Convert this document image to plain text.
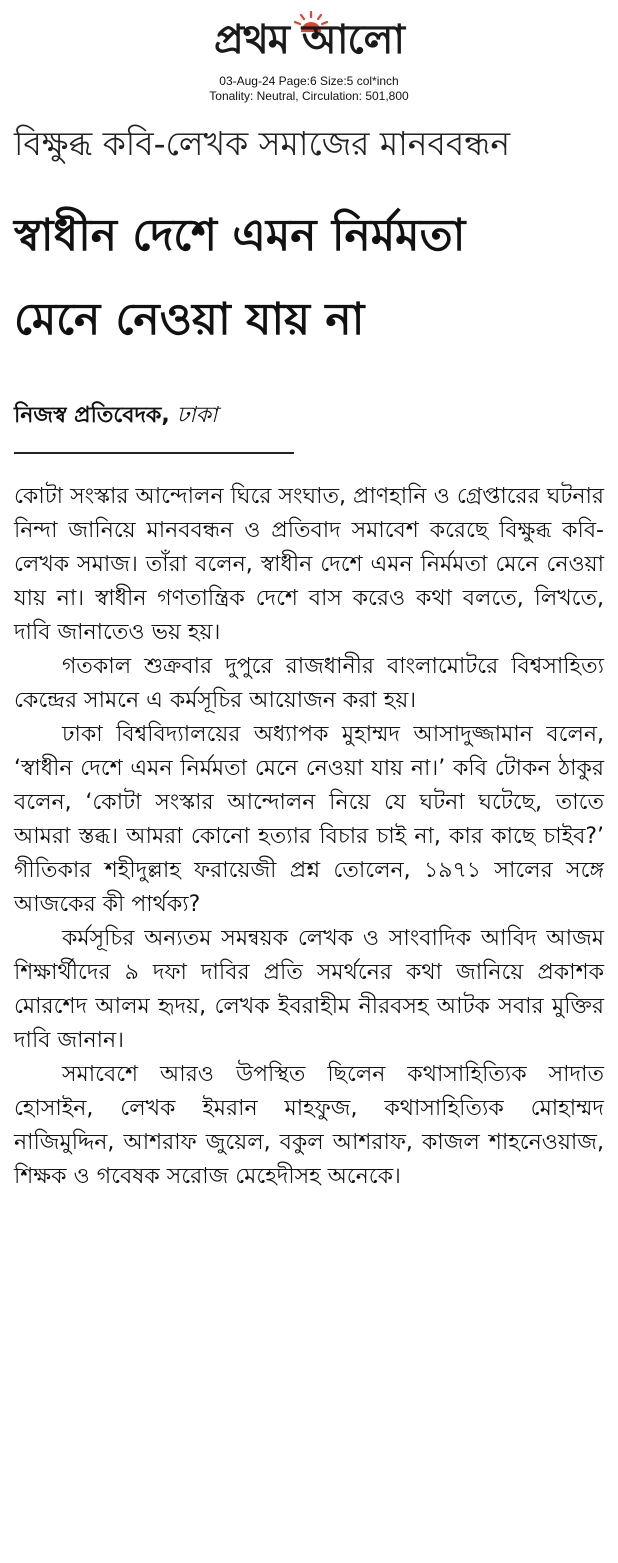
প্রথম আলো
03-Aug-24 Page:6 Size:5 col*inch
Tonality: Neutral, Circulation: 501,800
বিক্ষুব্ধ কবি-লেখক সমাজের মানববন্ধন
স্বাধীন দেশে এমন নির্মমতা
মেনে নেওয়া যায় না
নিজস্ব প্রতিবেদক, ঢাকা

কোটা সংস্কার আন্দোলন ঘিরে সংঘাত, প্রাণহানি ও গ্রেপ্তারের ঘটনার নিন্দা জানিয়ে মানববন্ধন ও প্রতিবাদ সমাবেশ করেছে বিক্ষুব্ধ কবি-লেখক সমাজ। তাঁরা বলেন, স্বাধীন দেশে এমন নির্মমতা মেনে নেওয়া যায় না। স্বাধীন গণতান্ত্রিক দেশে বাস করেও কথা বলতে, লিখতে, দাবি জানাতেও ভয় হয়।

গতকাল শুক্রবার দুপুরে রাজধানীর বাংলামোটরে বিশ্বসাহিত্য কেন্দ্রের সামনে এ কর্মসূচির আয়োজন করা হয়।

ঢাকা বিশ্ববিদ্যালয়ের অধ্যাপক মুহাম্মদ আসাদুজ্জামান বলেন, ‘স্বাধীন দেশে এমন নির্মমতা মেনে নেওয়া যায় না।’ কবি টোকন ঠাকুর বলেন, ‘কোটা সংস্কার আন্দোলন নিয়ে যে ঘটনা ঘটেছে, তাতে আমরা স্তব্ধ। আমরা কোনো হত্যার বিচার চাই না, কার কাছে চাইব?’ গীতিকার শহীদুল্লাহ ফরায়েজী প্রশ্ন তোলেন, ১৯৭১ সালের সঙ্গে আজকের কী পার্থক্য?

কর্মসূচির অন্যতম সমন্বয়ক লেখক ও সাংবাদিক আবিদ আজম শিক্ষার্থীদের ৯ দফা দাবির প্রতি সমর্থনের কথা জানিয়ে প্রকাশক মোরশেদ আলম হৃদয়, লেখক ইবরাহীম নীরবসহ আটক সবার মুক্তির দাবি জানান।

সমাবেশে আরও উপস্থিত ছিলেন কথাসাহিত্যিক সাদাত হোসাইন, লেখক ইমরান মাহফুজ, কথাসাহিত্যিক মোহাম্মদ নাজিমুদ্দিন, আশরাফ জুয়েল, বকুল আশরাফ, কাজল শাহনেওয়াজ, শিক্ষক ও গবেষক সরোজ মেহেদীসহ অনেকে।
